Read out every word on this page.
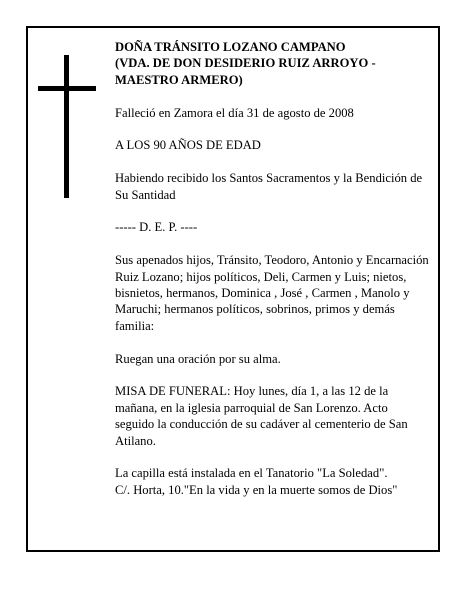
DOÑA TRÁNSITO LOZANO CAMPANO
(VDA. DE DON DESIDERIO RUIZ ARROYO -
MAESTRO ARMERO)

Falleció en Zamora el día 31 de agosto de 2008

A LOS 90 AÑOS DE EDAD

Habiendo recibido los Santos Sacramentos y la Bendición de Su Santidad

----- D. E. P. ----

Sus apenados hijos, Tránsito, Teodoro, Antonio y Encarnación Ruiz Lozano; hijos políticos, Deli, Carmen y Luis; nietos, bisnietos, hermanos, Dominica , José , Carmen , Manolo y Maruchi; hermanos políticos, sobrinos, primos y demás familia:

Ruegan una oración por su alma.

MISA DE FUNERAL: Hoy lunes, día 1, a las 12 de la mañana, en la iglesia parroquial de San Lorenzo. Acto seguido la conducción de su cadáver al cementerio de San Atilano.

La capilla está instalada en el Tanatorio "La Soledad".
C/. Horta, 10."En la vida y en la muerte somos de Dios"
